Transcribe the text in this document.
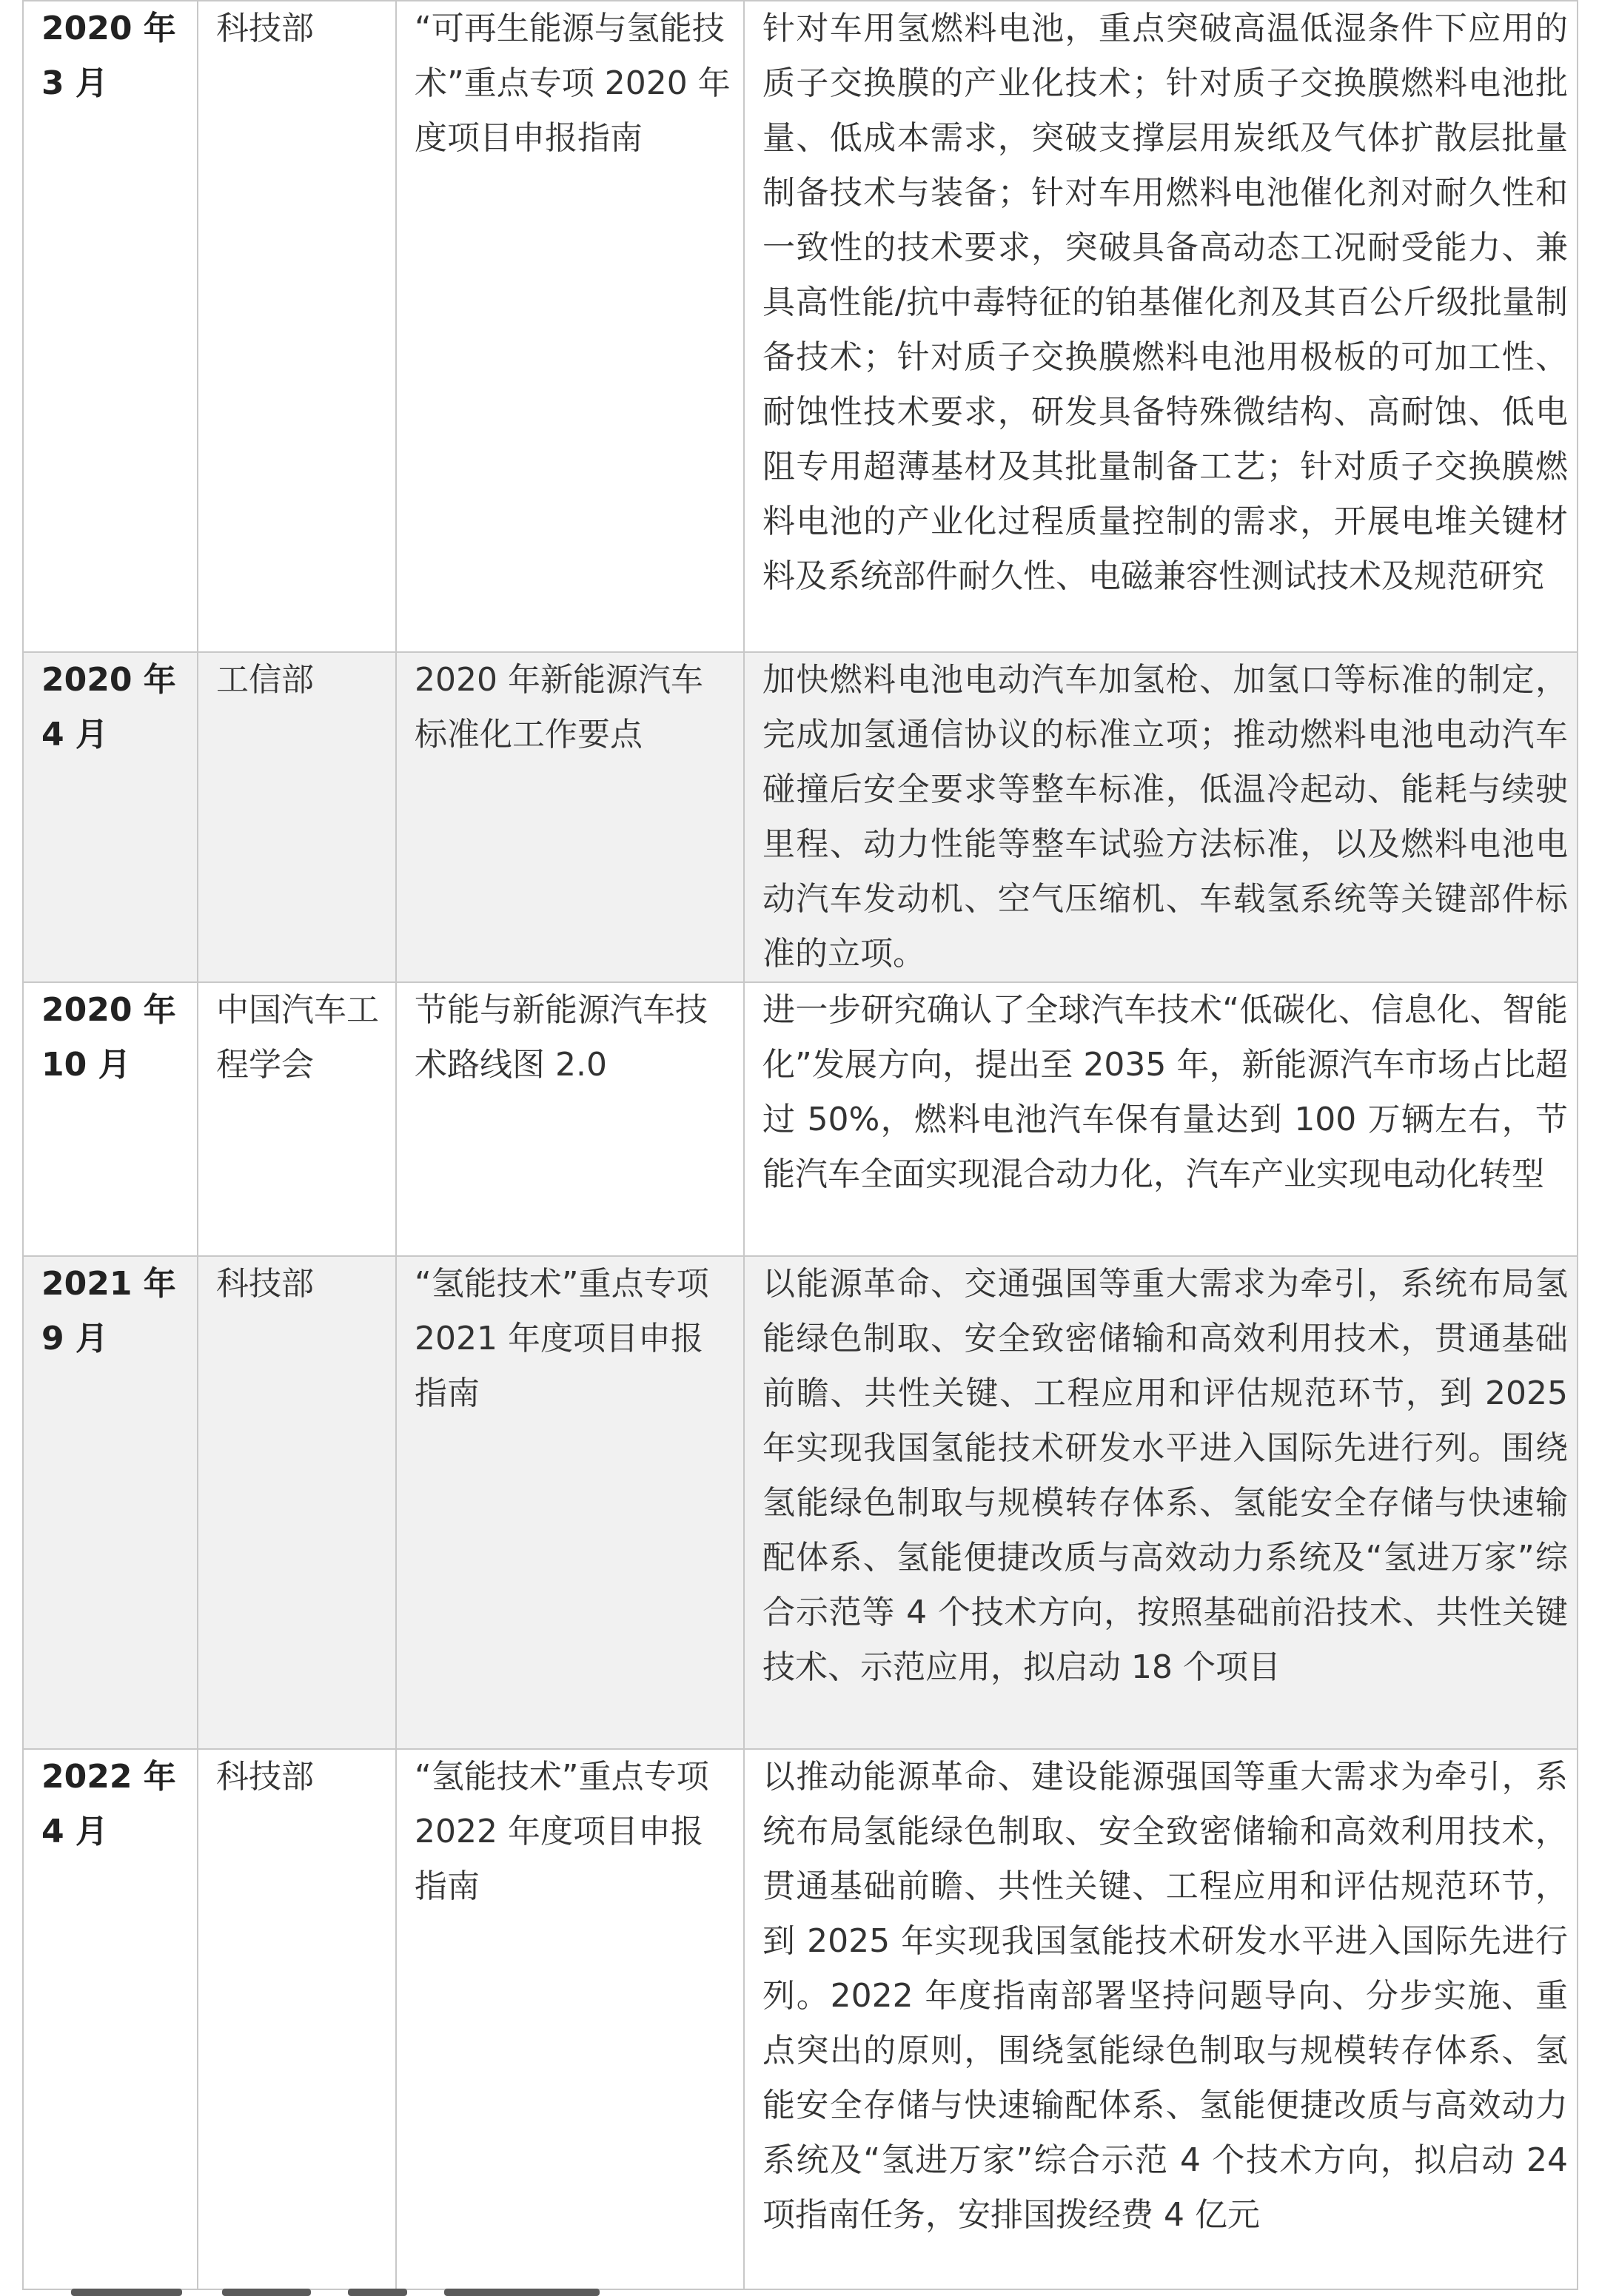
2020 年 3 月	科技部	“可再生能源与氢能技术”重点专项 2020 年度项目申报指南	针对车用氢燃料电池，重点突破高温低湿条件下应用的质子交换膜的产业化技术；针对质子交换膜燃料电池批量、低成本需求，突破支撑层用炭纸及气体扩散层批量制备技术与装备；针对车用燃料电池催化剂对耐久性和一致性的技术要求，突破具备高动态工况耐受能力、兼具高性能/抗中毒特征的铂基催化剂及其百公斤级批量制备技术；针对质子交换膜燃料电池用极板的可加工性、耐蚀性技术要求，研发具备特殊微结构、高耐蚀、低电阻专用超薄基材及其批量制备工艺；针对质子交换膜燃料电池的产业化过程质量控制的需求，开展电堆关键材料及系统部件耐久性、电磁兼容性测试技术及规范研究
2020 年 4 月	工信部	2020 年新能源汽车标准化工作要点	加快燃料电池电动汽车加氢枪、加氢口等标准的制定，完成加氢通信协议的标准立项；推动燃料电池电动汽车碰撞后安全要求等整车标准，低温冷起动、能耗与续驶里程、动力性能等整车试验方法标准，以及燃料电池电动汽车发动机、空气压缩机、车载氢系统等关键部件标准的立项。
2020 年 10 月	中国汽车工程学会	节能与新能源汽车技术路线图 2.0	进一步研究确认了全球汽车技术“低碳化、信息化、智能化”发展方向，提出至 2035 年，新能源汽车市场占比超过 50%，燃料电池汽车保有量达到 100 万辆左右，节能汽车全面实现混合动力化，汽车产业实现电动化转型
2021 年 9 月	科技部	“氢能技术”重点专项 2021 年度项目申报指南	以能源革命、交通强国等重大需求为牵引，系统布局氢能绿色制取、安全致密储输和高效利用技术，贯通基础前瞻、共性关键、工程应用和评估规范环节，到 2025 年实现我国氢能技术研发水平进入国际先进行列。围绕氢能绿色制取与规模转存体系、氢能安全存储与快速输配体系、氢能便捷改质与高效动力系统及“氢进万家”综合示范等 4 个技术方向，按照基础前沿技术、共性关键技术、示范应用，拟启动 18 个项目
2022 年 4 月	科技部	“氢能技术”重点专项 2022 年度项目申报指南	以推动能源革命、建设能源强国等重大需求为牵引，系统布局氢能绿色制取、安全致密储输和高效利用技术，贯通基础前瞻、共性关键、工程应用和评估规范环节，到 2025 年实现我国氢能技术研发水平进入国际先进行列。2022 年度指南部署坚持问题导向、分步实施、重点突出的原则，围绕氢能绿色制取与规模转存体系、氢能安全存储与快速输配体系、氢能便捷改质与高效动力系统及“氢进万家”综合示范 4 个技术方向，拟启动 24 项指南任务，安排国拨经费 4 亿元
